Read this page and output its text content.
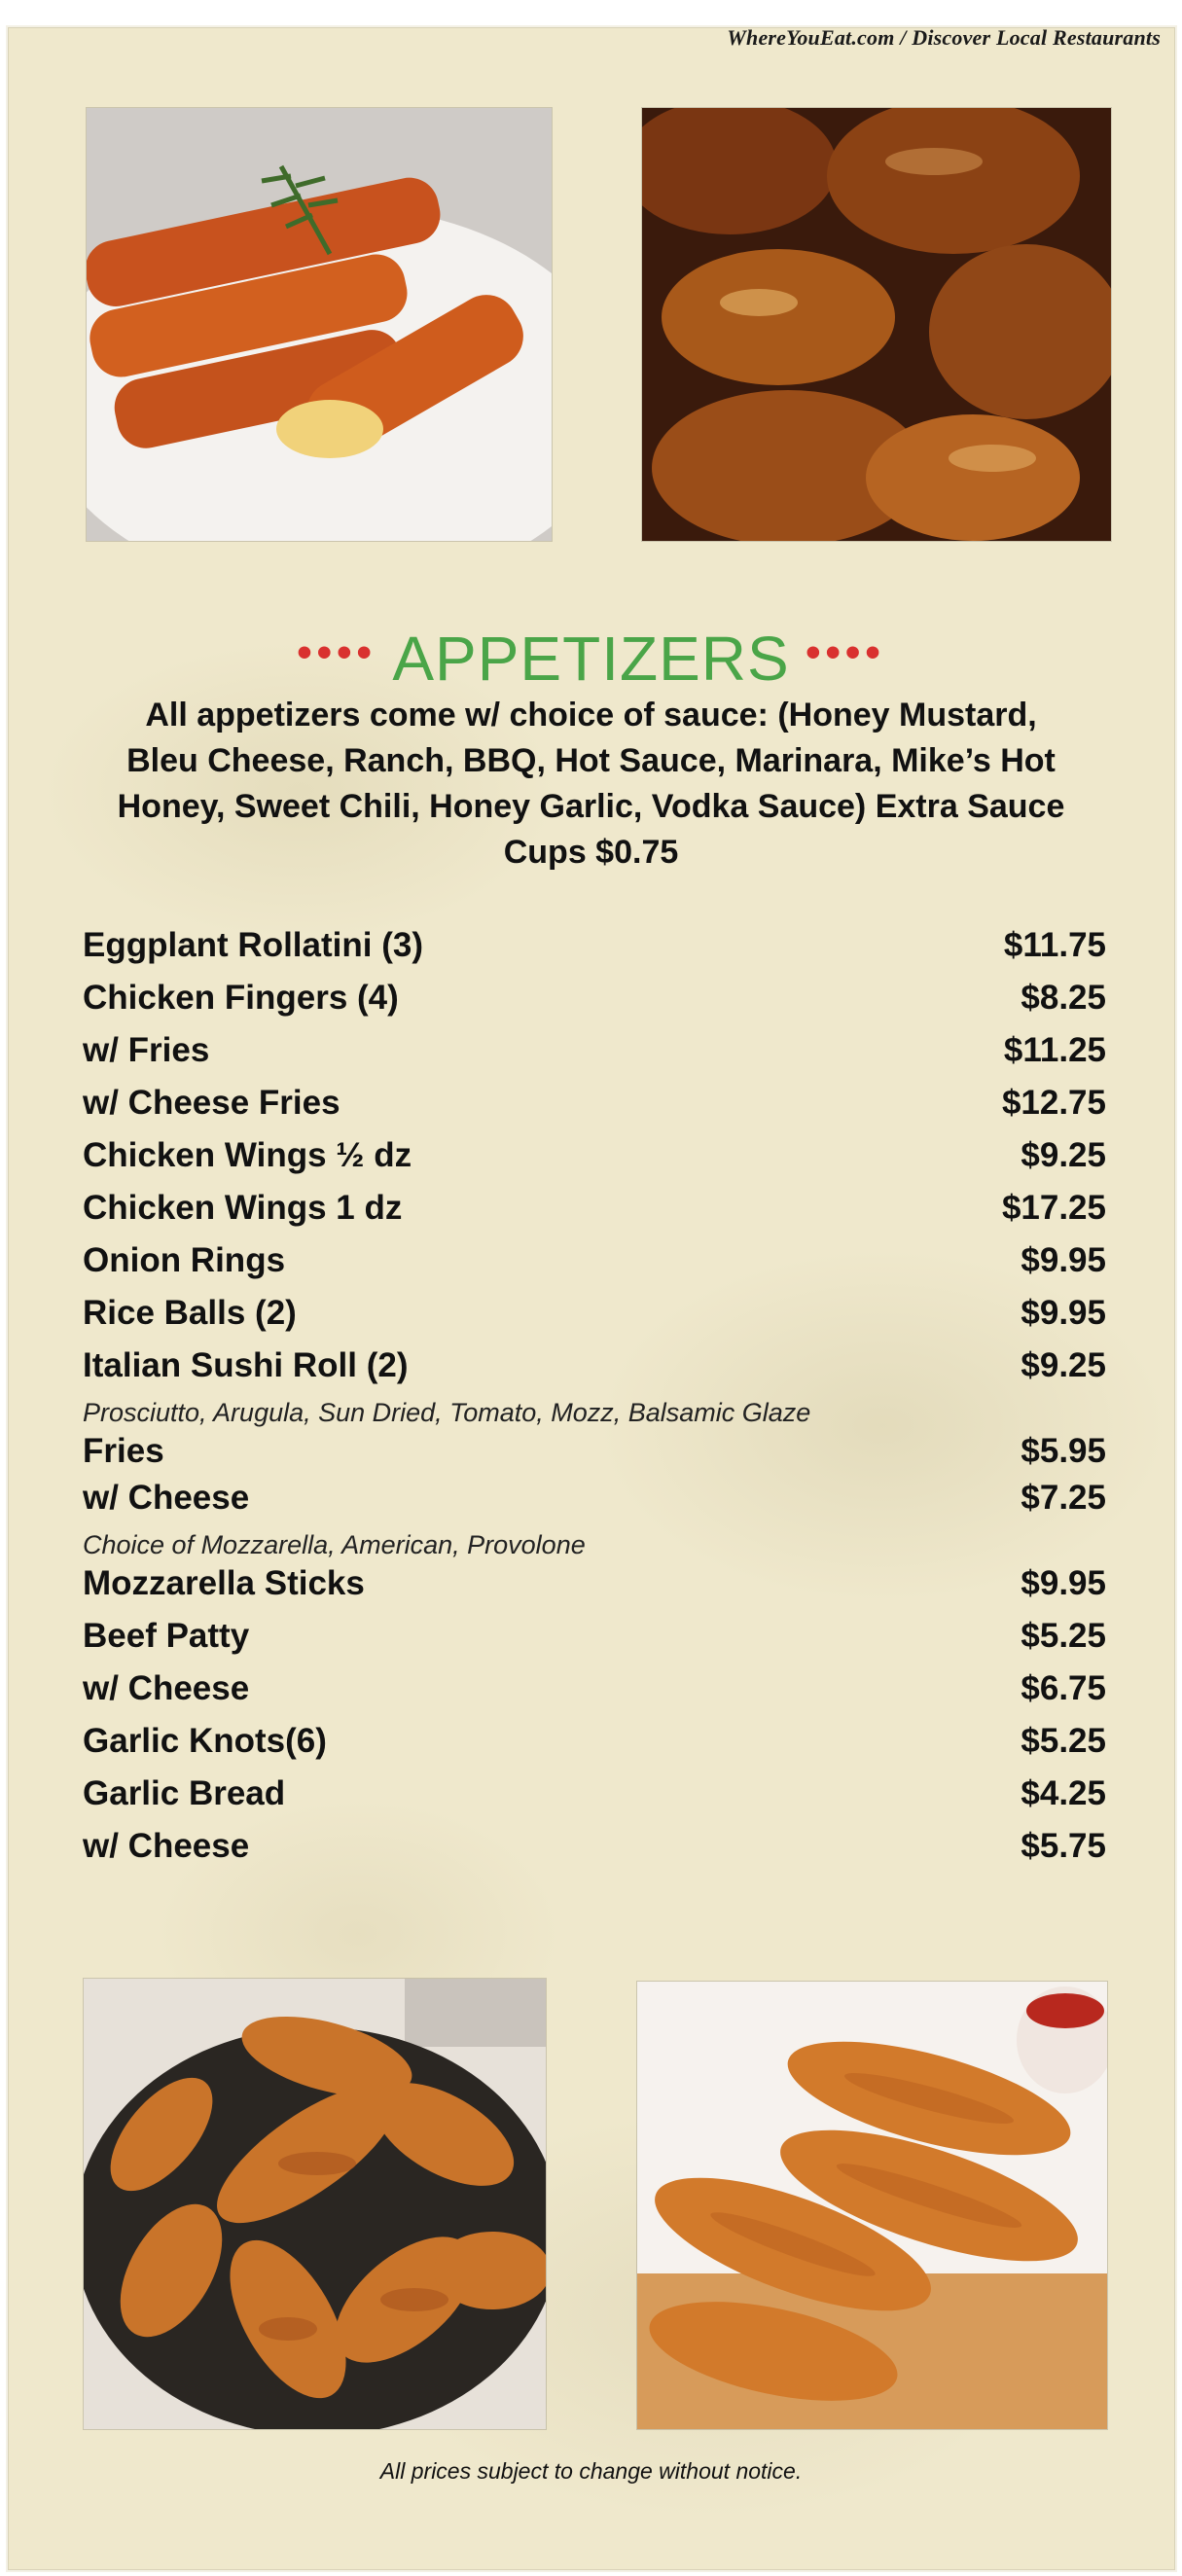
WhereYouEat.com / Discover Local Restaurants
•••• APPETIZERS ••••
All appetizers come w/ choice of sauce: (Honey Mustard, Bleu Cheese, Ranch, BBQ, Hot Sauce, Marinara, Mike’s Hot Honey, Sweet Chili, Honey Garlic, Vodka Sauce) Extra Sauce Cups $0.75
Eggplant Rollatini (3)	$11.75
Chicken Fingers (4)	$8.25
w/ Fries	$11.25
w/ Cheese Fries	$12.75
Chicken Wings ½ dz	$9.25
Chicken Wings 1 dz	$17.25
Onion Rings	$9.95
Rice Balls (2)	$9.95
Italian Sushi Roll (2)	$9.25
Prosciutto, Arugula, Sun Dried, Tomato, Mozz, Balsamic Glaze
Fries	$5.95
w/ Cheese	$7.25
Choice of Mozzarella, American, Provolone
Mozzarella Sticks	$9.95
Beef Patty	$5.25
w/ Cheese	$6.75
Garlic Knots(6)	$5.25
Garlic Bread	$4.25
w/ Cheese	$5.75
All prices subject to change without notice.
